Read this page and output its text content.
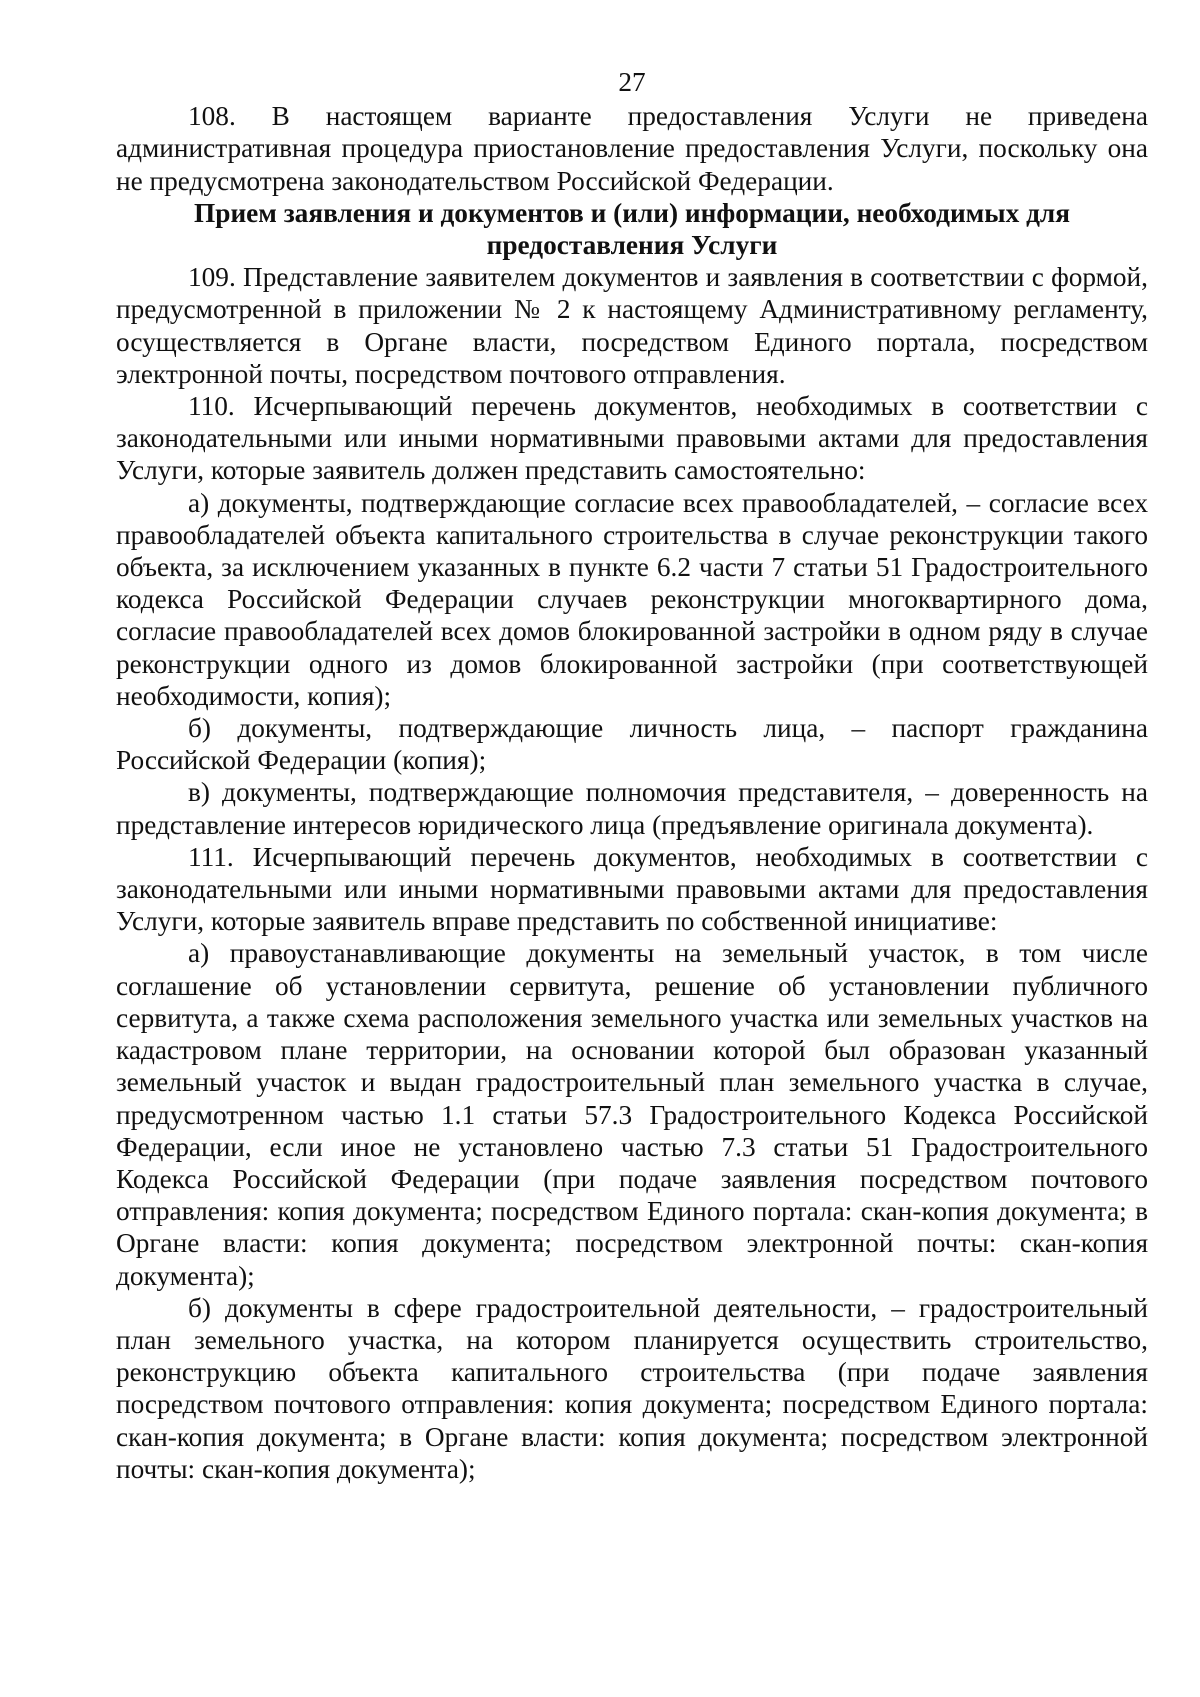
27

108. В настоящем варианте предоставления Услуги не приведена административная процедура приостановление предоставления Услуги, поскольку она не предусмотрена законодательством Российской Федерации.

Прием заявления и документов и (или) информации, необходимых для предоставления Услуги

109. Представление заявителем документов и заявления в соответствии с формой, предусмотренной в приложении № 2 к настоящему Административному регламенту, осуществляется в Органе власти, посредством Единого портала, посредством электронной почты, посредством почтового отправления.

110. Исчерпывающий перечень документов, необходимых в соответствии с законодательными или иными нормативными правовыми актами для предоставления Услуги, которые заявитель должен представить самостоятельно:

а) документы, подтверждающие согласие всех правообладателей, – согласие всех правообладателей объекта капитального строительства в случае реконструкции такого объекта, за исключением указанных в пункте 6.2 части 7 статьи 51 Градостроительного кодекса Российской Федерации случаев реконструкции многоквартирного дома, согласие правообладателей всех домов блокированной застройки в одном ряду в случае реконструкции одного из домов блокированной застройки (при соответствующей необходимости, копия);

б) документы, подтверждающие личность лица, – паспорт гражданина Российской Федерации (копия);

в) документы, подтверждающие полномочия представителя, – доверенность на представление интересов юридического лица (предъявление оригинала документа).

111. Исчерпывающий перечень документов, необходимых в соответствии с законодательными или иными нормативными правовыми актами для предоставления Услуги, которые заявитель вправе представить по собственной инициативе:

а) правоустанавливающие документы на земельный участок, в том числе соглашение об установлении сервитута, решение об установлении публичного сервитута, а также схема расположения земельного участка или земельных участков на кадастровом плане территории, на основании которой был образован указанный земельный участок и выдан градостроительный план земельного участка в случае, предусмотренном частью 1.1 статьи 57.3 Градостроительного Кодекса Российской Федерации, если иное не установлено частью 7.3 статьи 51 Градостроительного Кодекса Российской Федерации (при подаче заявления посредством почтового отправления: копия документа; посредством Единого портала: скан-копия документа; в Органе власти: копия документа; посредством электронной почты: скан-копия документа);

б) документы в сфере градостроительной деятельности, – градостроительный план земельного участка, на котором планируется осуществить строительство, реконструкцию объекта капитального строительства (при подаче заявления посредством почтового отправления: копия документа; посредством Единого портала: скан-копия документа; в Органе власти: копия документа; посредством электронной почты: скан-копия документа);
